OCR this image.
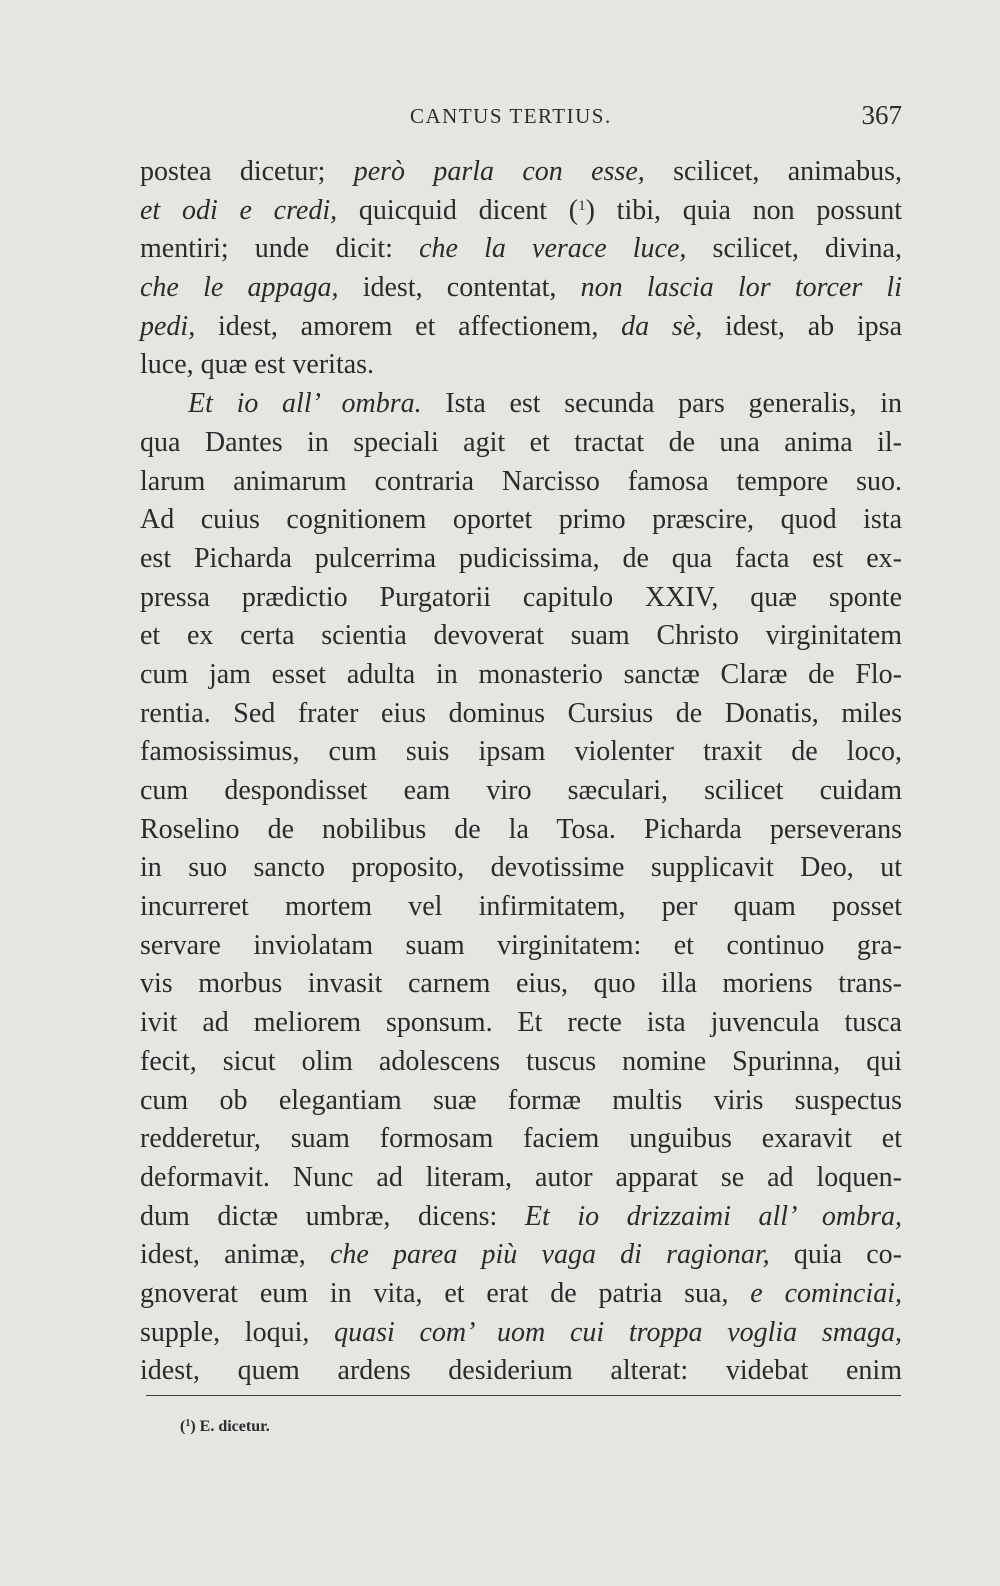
CANTUS TERTIUS.	367
postea dicetur; però parla con esse, scilicet, animabus,
et odi e credi, quicquid dicent ($^1$) tibi, quia non possunt
mentiri; unde dicit: che la verace luce, scilicet, divina,
che le appaga, idest, contentat, non lascia lor torcer li
pedi, idest, amorem et affectionem, da sè, idest, ab ipsa
luce, quæ est veritas.
Et io all’ ombra. Ista est secunda pars generalis, in
qua Dantes in speciali agit et tractat de una anima il-
larum animarum contraria Narcisso famosa tempore suo.
Ad cuius cognitionem oportet primo præscire, quod ista
est Picharda pulcerrima pudicissima, de qua facta est ex-
pressa prædictio Purgatorii capitulo XXIV, quæ sponte
et ex certa scientia devoverat suam Christo virginitatem
cum jam esset adulta in monasterio sanctæ Claræ de Flo-
rentia. Sed frater eius dominus Cursius de Donatis, miles
famosissimus, cum suis ipsam violenter traxit de loco,
cum despondisset eam viro sæculari, scilicet cuidam
Roselino de nobilibus de la Tosa. Picharda perseverans
in suo sancto proposito, devotissime supplicavit Deo, ut
incurreret mortem vel infirmitatem, per quam posset
servare inviolatam suam virginitatem: et continuo gra-
vis morbus invasit carnem eius, quo illa moriens trans-
ivit ad meliorem sponsum. Et recte ista juvencula tusca
fecit, sicut olim adolescens tuscus nomine Spurinna, qui
cum ob elegantiam suæ formæ multis viris suspectus
redderetur, suam formosam faciem unguibus exaravit et
deformavit. Nunc ad literam, autor apparat se ad loquen-
dum dictæ umbræ, dicens: Et io drizzaimi all’ ombra,
idest, animæ, che parea più vaga di ragionar, quia co-
gnoverat eum in vita, et erat de patria sua, e cominciai,
supple, loqui, quasi com’ uom cui troppa voglia smaga,
idest, quem ardens desiderium alterat: videbat enim
($^1$) E. dicetur.
